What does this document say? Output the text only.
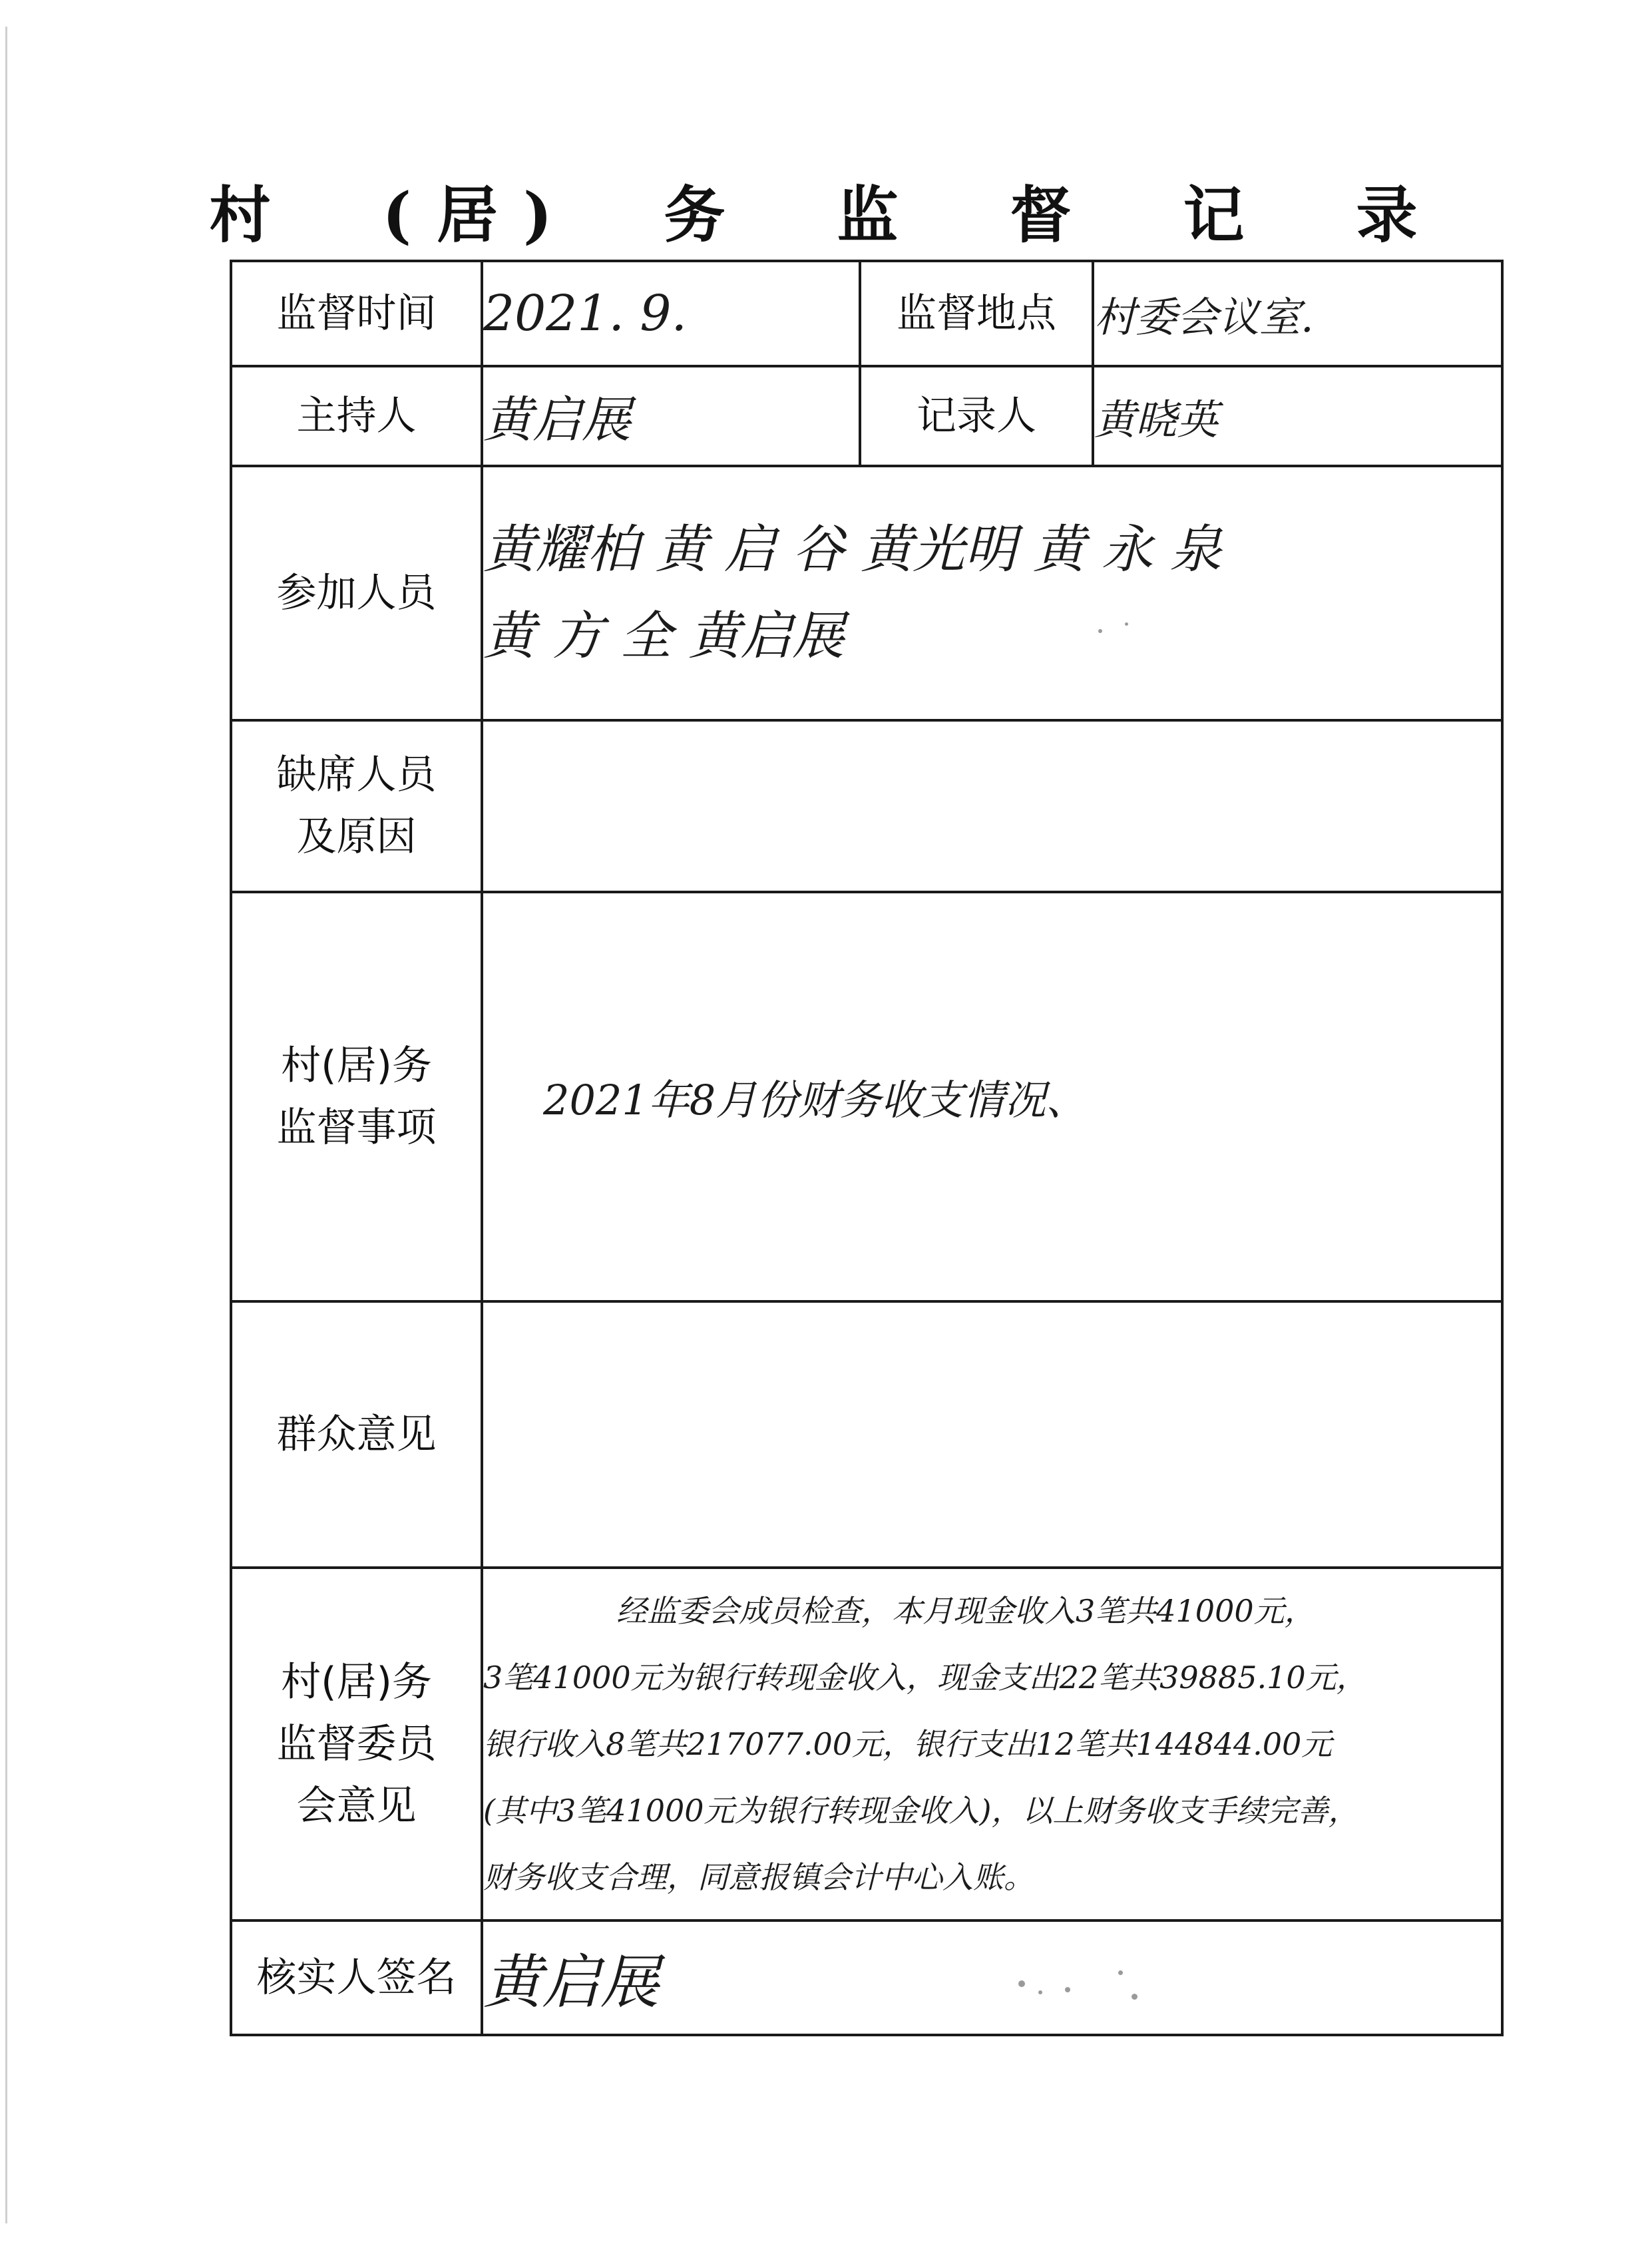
村　(居)　务　监　督　记　录
监督时间	2021. 9.	监督地点	村委会议室.
主持人	黄启展	记录人	黄晓英
参加人员	黄耀柏 黄 启 谷 黄光明 黄 永 泉
黄 方 全 黄启展		

缺席人员
及原因			

村(居)务
监督事项	2021年8月份财务收支情况、		
群众意见			

村(居)务
监督委员
会意见	经监委会成员检查，本月现金收入3笔共41000元，
3笔41000元为银行转现金收入，现金支出22笔共39885.10元，
银行收入8笔共217077.00元，银行支出12笔共144844.00元
(其中3笔41000元为银行转现金收入)，以上财务收支手续完善，
财务收支合理，同意报镇会计中心入账。		

核实人签名	黄启展		
